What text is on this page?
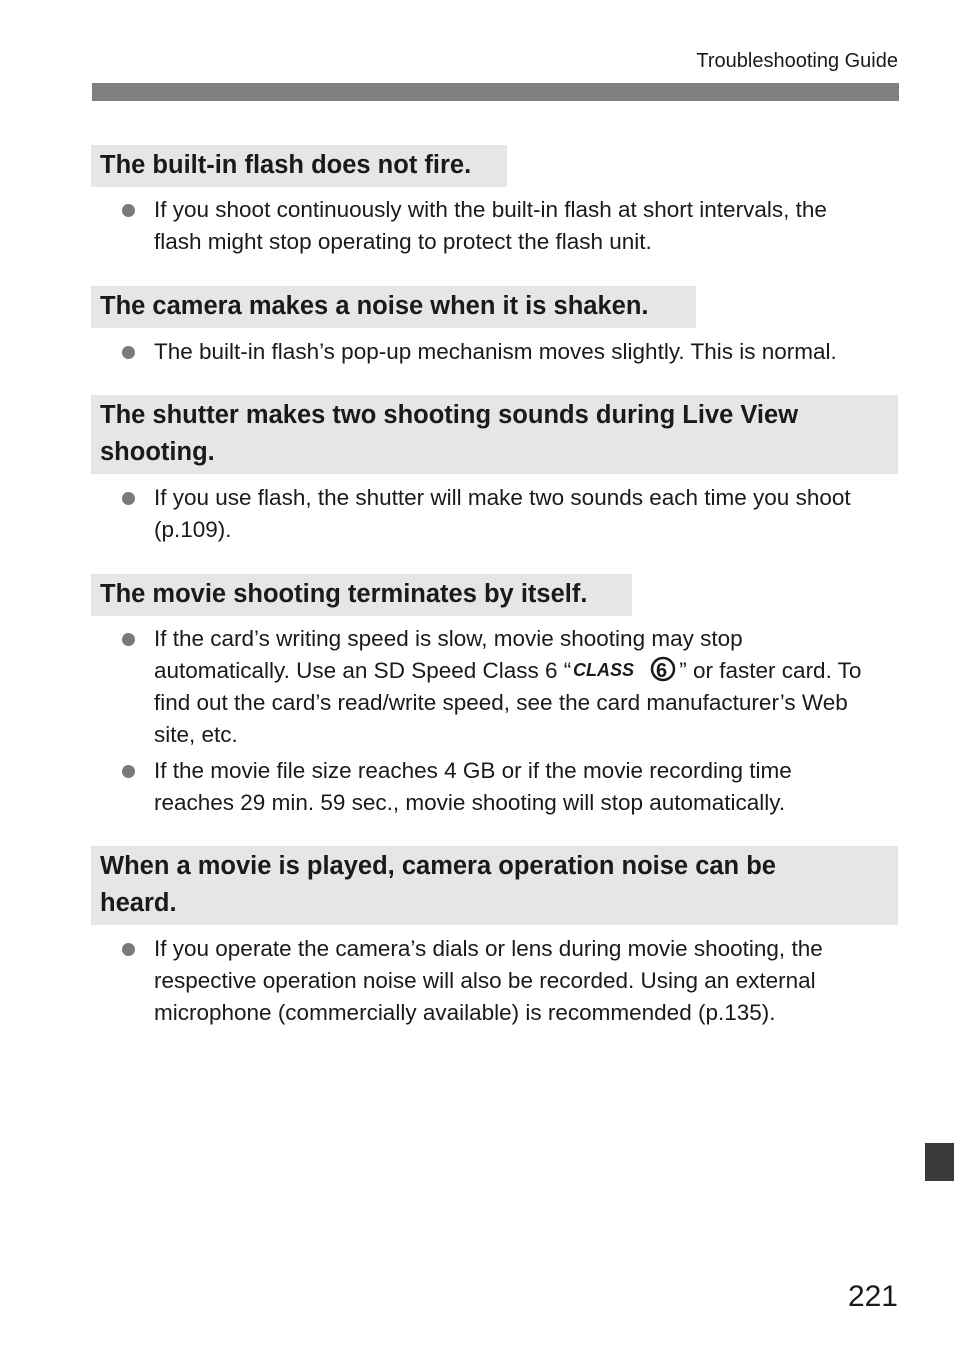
Troubleshooting Guide
The built-in flash does not fire.
If you shoot continuously with the built-in flash at short intervals, the
flash might stop operating to protect the flash unit.
The camera makes a noise when it is shaken.
The built-in flash’s pop-up mechanism moves slightly. This is normal.
The shutter makes two shooting sounds during Live View
shooting.
If you use flash, the shutter will make two sounds each time you shoot
(p.109).
The movie shooting terminates by itself.
If the card’s writing speed is slow, movie shooting may stop
automatically. Use an SD Speed Class 6 “ CLASS 6 ” or faster card. To
find out the card’s read/write speed, see the card manufacturer’s Web
site, etc.
If the movie file size reaches 4 GB or if the movie recording time
reaches 29 min. 59 sec., movie shooting will stop automatically.
When a movie is played, camera operation noise can be
heard.
If you operate the camera’s dials or lens during movie shooting, the
respective operation noise will also be recorded. Using an external
microphone (commercially available) is recommended (p.135).
221
